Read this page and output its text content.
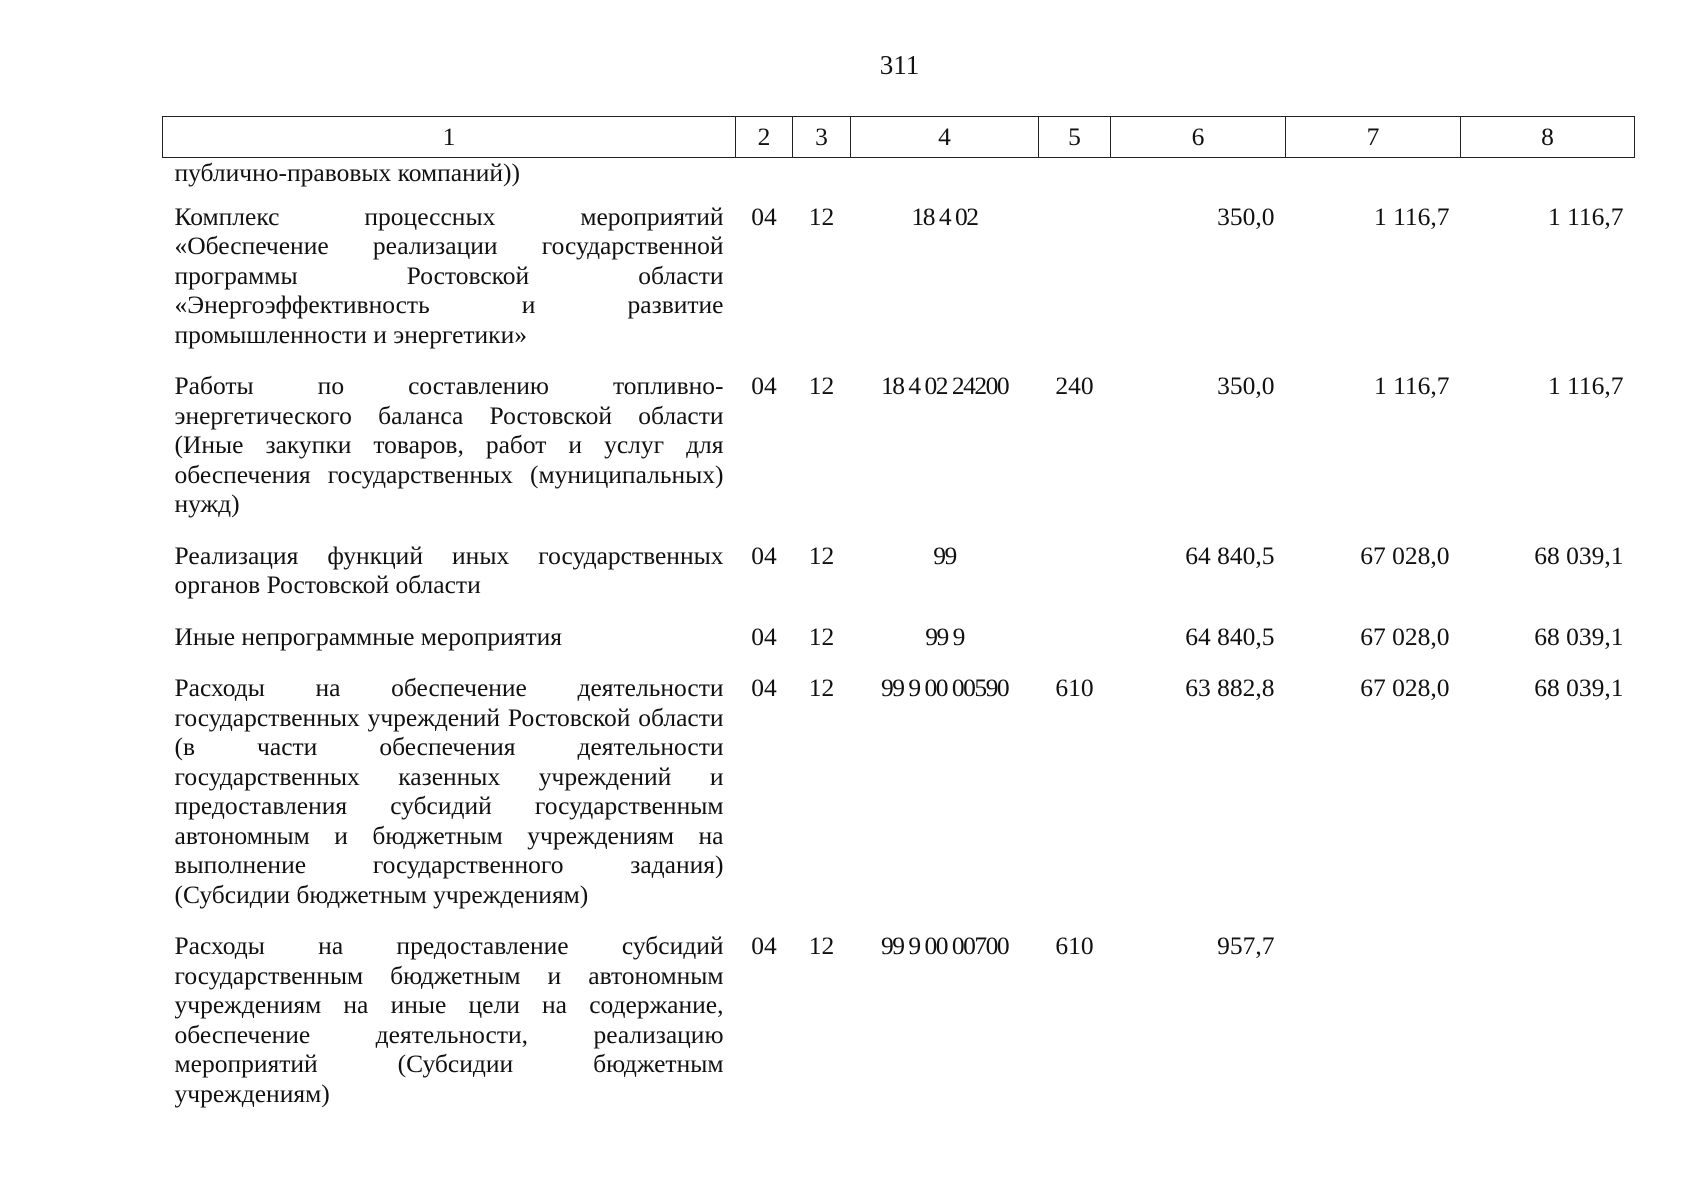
311
1	2	3	4	5	6	7	8
публично-правовых компаний))							
Комплекс процессных мероприятий «Обеспечение реализации государственной программы Ростовской области «Энергоэффективность и развитие промышленности и энергетики»	04	12	18 4 02		350,0	1 116,7	1 116,7
Работы по составлению топливно-энергетического баланса Ростовской области (Иные закупки товаров, работ и услуг для обеспечения государственных (муниципальных) нужд)	04	12	18 4 02 24200	240	350,0	1 116,7	1 116,7
Реализация функций иных государственных органов Ростовской области	04	12	99		64 840,5	67 028,0	68 039,1
Иные непрограммные мероприятия	04	12	99 9		64 840,5	67 028,0	68 039,1
Расходы на обеспечение деятельности государственных учреждений Ростовской области (в части обеспечения деятельности государственных казенных учреждений и предоставления субсидий государственным автономным и бюджетным учреждениям на выполнение государственного задания) (Субсидии бюджетным учреждениям)	04	12	99 9 00 00590	610	63 882,8	67 028,0	68 039,1
Расходы на предоставление субсидий государственным бюджетным и автономным учреждениям на иные цели на содержание, обеспечение деятельности, реализацию мероприятий (Субсидии бюджетным учреждениям)	04	12	99 9 00 00700	610	957,7		
